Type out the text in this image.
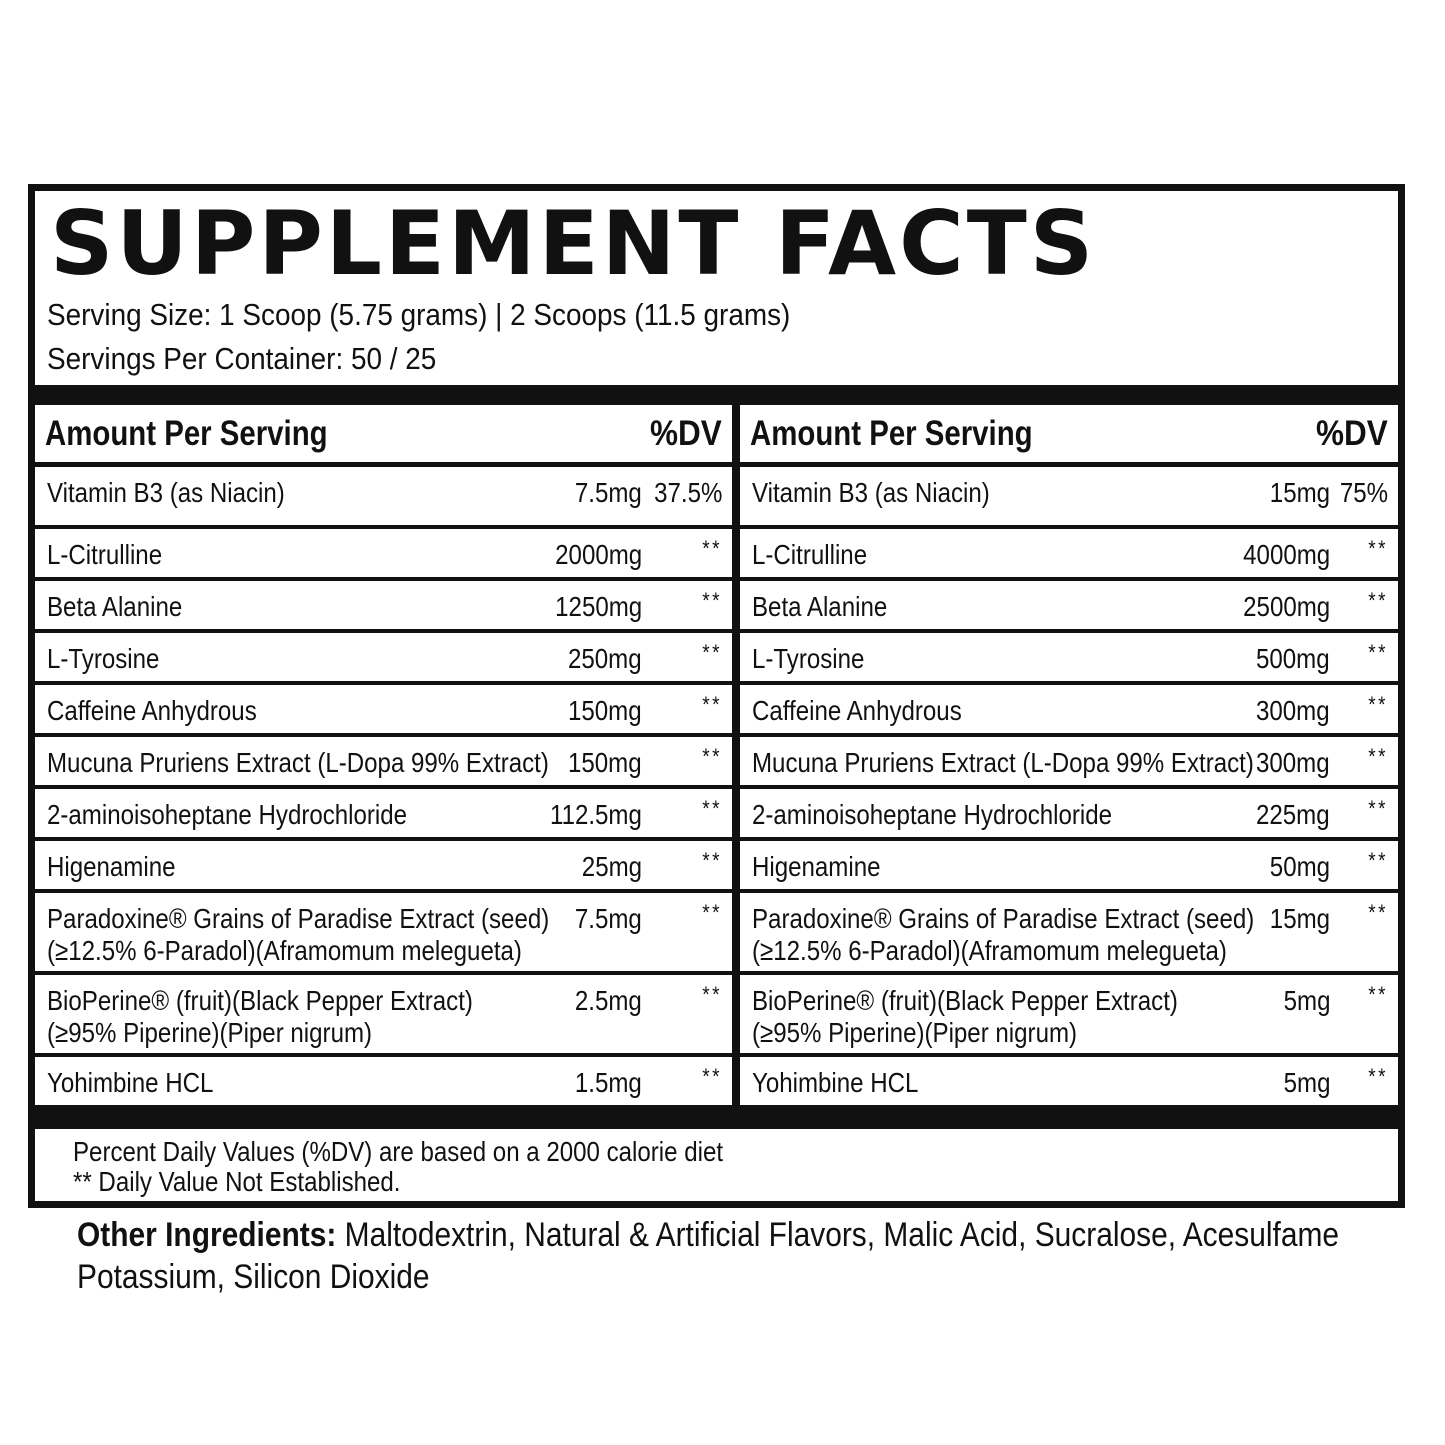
SUPPLEMENT FACTS
Serving Size: 1 Scoop (5.75 grams) | 2 Scoops (11.5 grams)
Servings Per Container: 50 / 25
Amount Per Serving	%DV
Vitamin B3 (as Niacin)	7.5mg 37.5%
L-Citrulline	2000mg	**
Beta Alanine	1250mg	**
L-Tyrosine	250mg	**
Caffeine Anhydrous	150mg	**
Mucuna Pruriens Extract (L-Dopa 99% Extract) 150mg	**
2-aminoisoheptane Hydrochloride	112.5mg	**
Higenamine	25mg	**
Paradoxine® Grains of Paradise Extract (seed)
(≥12.5% 6-Paradol)(Aframomum melegueta)
7.5mg	**
BioPerine® (fruit)(Black Pepper Extract)
(≥95% Piperine)(Piper nigrum)
2.5mg	**
Yohimbine HCL	1.5mg	**
Amount Per Serving	%DV
Vitamin B3 (as Niacin)	15mg 75%
L-Citrulline	4000mg **
Beta Alanine	2500mg **
L-Tyrosine	500mg **
Caffeine Anhydrous	300mg **
Mucuna Pruriens Extract (L-Dopa 99% Extract) 300mg **
2-aminoisoheptane Hydrochloride	225mg **
Higenamine	50mg **
Paradoxine® Grains of Paradise Extract (seed)
(≥12.5% 6-Paradol)(Aframomum melegueta)
15mg **
BioPerine® (fruit)(Black Pepper Extract)
(≥95% Piperine)(Piper nigrum)
5mg **
Yohimbine HCL	5mg **
Percent Daily Values (%DV) are based on a 2000 calorie diet
** Daily Value Not Established.
Other Ingredients: Maltodextrin, Natural & Artificial Flavors, Malic Acid, Sucralose, Acesulfame
Potassium, Silicon Dioxide
